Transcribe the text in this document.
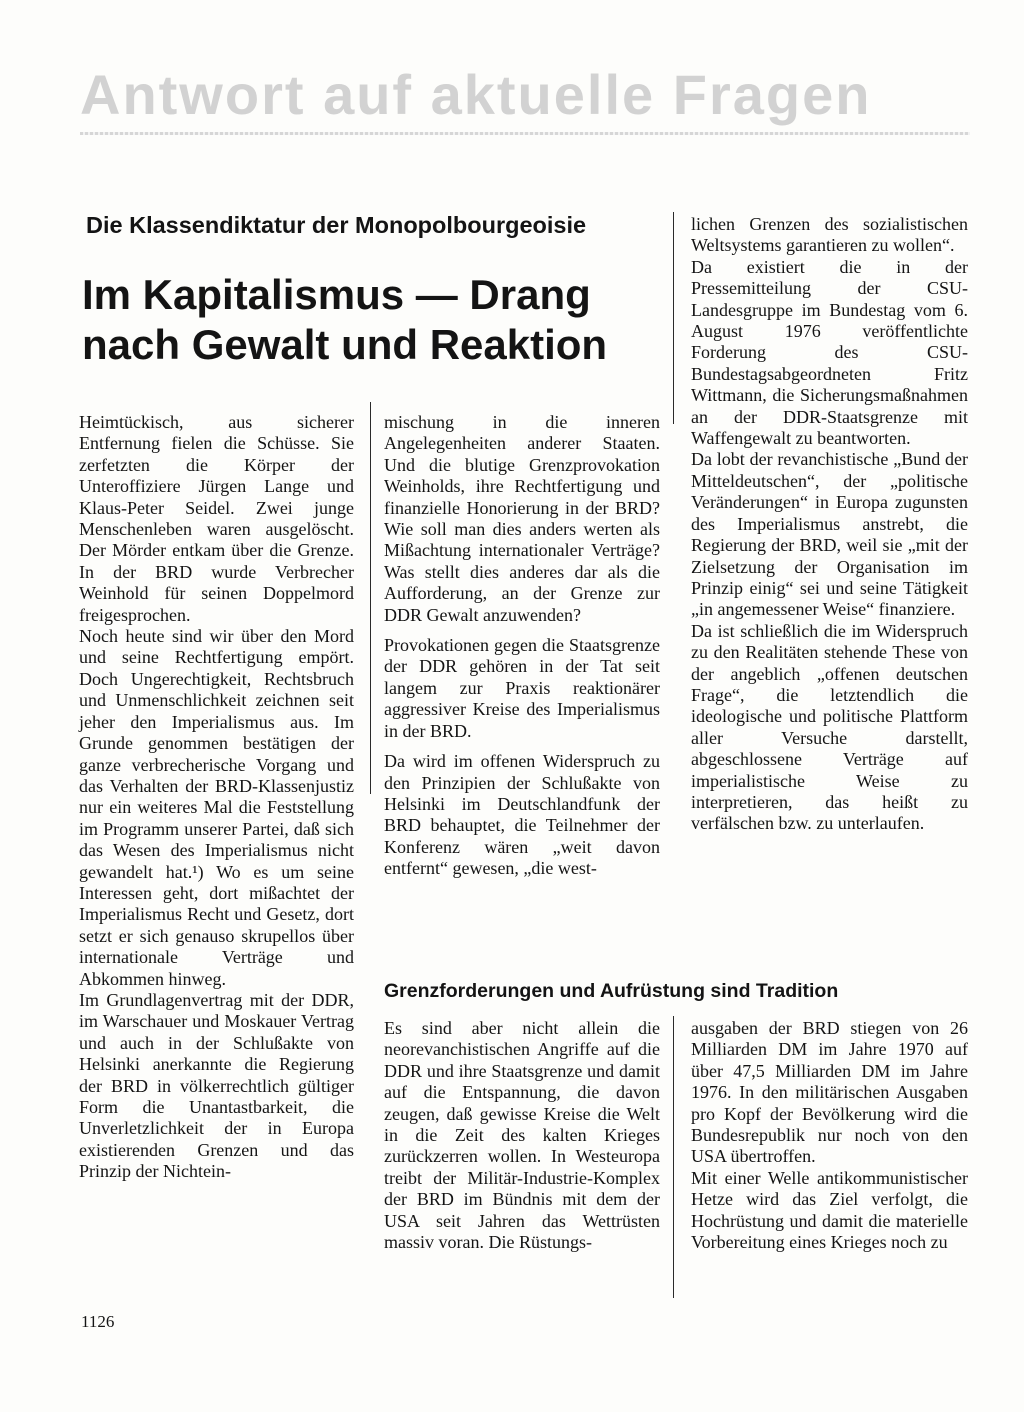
Antwort auf aktuelle Fragen
Die Klassendiktatur der Monopolbourgeoisie
Im Kapitalismus — Drang
nach Gewalt und Reaktion

Heimtückisch, aus sicherer Entfernung fielen die Schüsse. Sie zerfetzten die Körper der Unteroffiziere Jürgen Lange und Klaus-Peter Seidel. Zwei junge Menschenleben waren ausgelöscht. Der Mörder entkam über die Grenze. In der BRD wurde Verbrecher Weinhold für seinen Doppelmord freigesprochen.

Noch heute sind wir über den Mord und seine Rechtfertigung empört. Doch Ungerechtigkeit, Rechtsbruch und Unmenschlichkeit zeichnen seit jeher den Imperialismus aus. Im Grunde genommen bestätigen der ganze verbrecherische Vorgang und das Verhalten der BRD-Klassenjustiz nur ein weiteres Mal die Feststellung im Programm unserer Partei, daß sich das Wesen des Imperialismus nicht gewandelt hat.¹) Wo es um seine Interessen geht, dort mißachtet der Imperialismus Recht und Gesetz, dort setzt er sich genauso skrupellos über internationale Verträge und Abkommen hinweg.

Im Grundlagenvertrag mit der DDR, im Warschauer und Moskauer Vertrag und auch in der Schlußakte von Helsinki anerkannte die Regierung der BRD in völkerrechtlich gültiger Form die Unantastbarkeit, die Unverletzlichkeit der in Europa existierenden Grenzen und das Prinzip der Nichtein-

mischung in die inneren Angelegenheiten anderer Staaten. Und die blutige Grenzprovokation Weinholds, ihre Rechtfertigung und finanzielle Honorierung in der BRD? Wie soll man dies anders werten als Mißachtung internationaler Verträge? Was stellt dies anderes dar als die Aufforderung, an der Grenze zur DDR Gewalt anzuwenden?

Provokationen gegen die Staatsgrenze der DDR gehören in der Tat seit langem zur Praxis reaktionärer aggressiver Kreise des Imperialismus in der BRD.

Da wird im offenen Widerspruch zu den Prinzipien der Schlußakte von Helsinki im Deutschlandfunk der BRD behauptet, die Teilnehmer der Konferenz wären „weit davon entfernt“ gewesen, „die west-

lichen Grenzen des sozialistischen Weltsystems garantieren zu wollen“.

Da existiert die in der Pressemitteilung der CSU-Landesgruppe im Bundestag vom 6. August 1976 veröffentlichte Forderung des CSU-Bundestagsabgeordneten Fritz Wittmann, die Sicherungsmaßnahmen an der DDR-Staatsgrenze mit Waffengewalt zu beantworten.

Da lobt der revanchistische „Bund der Mitteldeutschen“, der „politische Veränderungen“ in Europa zugunsten des Imperialismus anstrebt, die Regierung der BRD, weil sie „mit der Zielsetzung der Organisation im Prinzip einig“ sei und seine Tätigkeit „in angemessener Weise“ finanziere.

Da ist schließlich die im Widerspruch zu den Realitäten stehende These von der angeblich „offenen deutschen Frage“, die letztendlich die ideologische und politische Plattform aller Versuche darstellt, abgeschlossene Verträge auf imperialistische Weise zu interpretieren, das heißt zu verfälschen bzw. zu unterlaufen.

Grenzforderungen und Aufrüstung sind Tradition

Es sind aber nicht allein die neorevanchistischen Angriffe auf die DDR und ihre Staatsgrenze und damit auf die Entspannung, die davon zeugen, daß gewisse Kreise die Welt in die Zeit des kalten Krieges zurückzerren wollen. In Westeuropa treibt der Militär-Industrie-Komplex der BRD im Bündnis mit dem der USA seit Jahren das Wettrüsten massiv voran. Die Rüstungs-

ausgaben der BRD stiegen von 26 Milliarden DM im Jahre 1970 auf über 47,5 Milliarden DM im Jahre 1976. In den militärischen Ausgaben pro Kopf der Bevölkerung wird die Bundesrepublik nur noch von den USA übertroffen.

Mit einer Welle antikommunistischer Hetze wird das Ziel verfolgt, die Hochrüstung und damit die materielle Vorbereitung eines Krieges noch zu

1126
